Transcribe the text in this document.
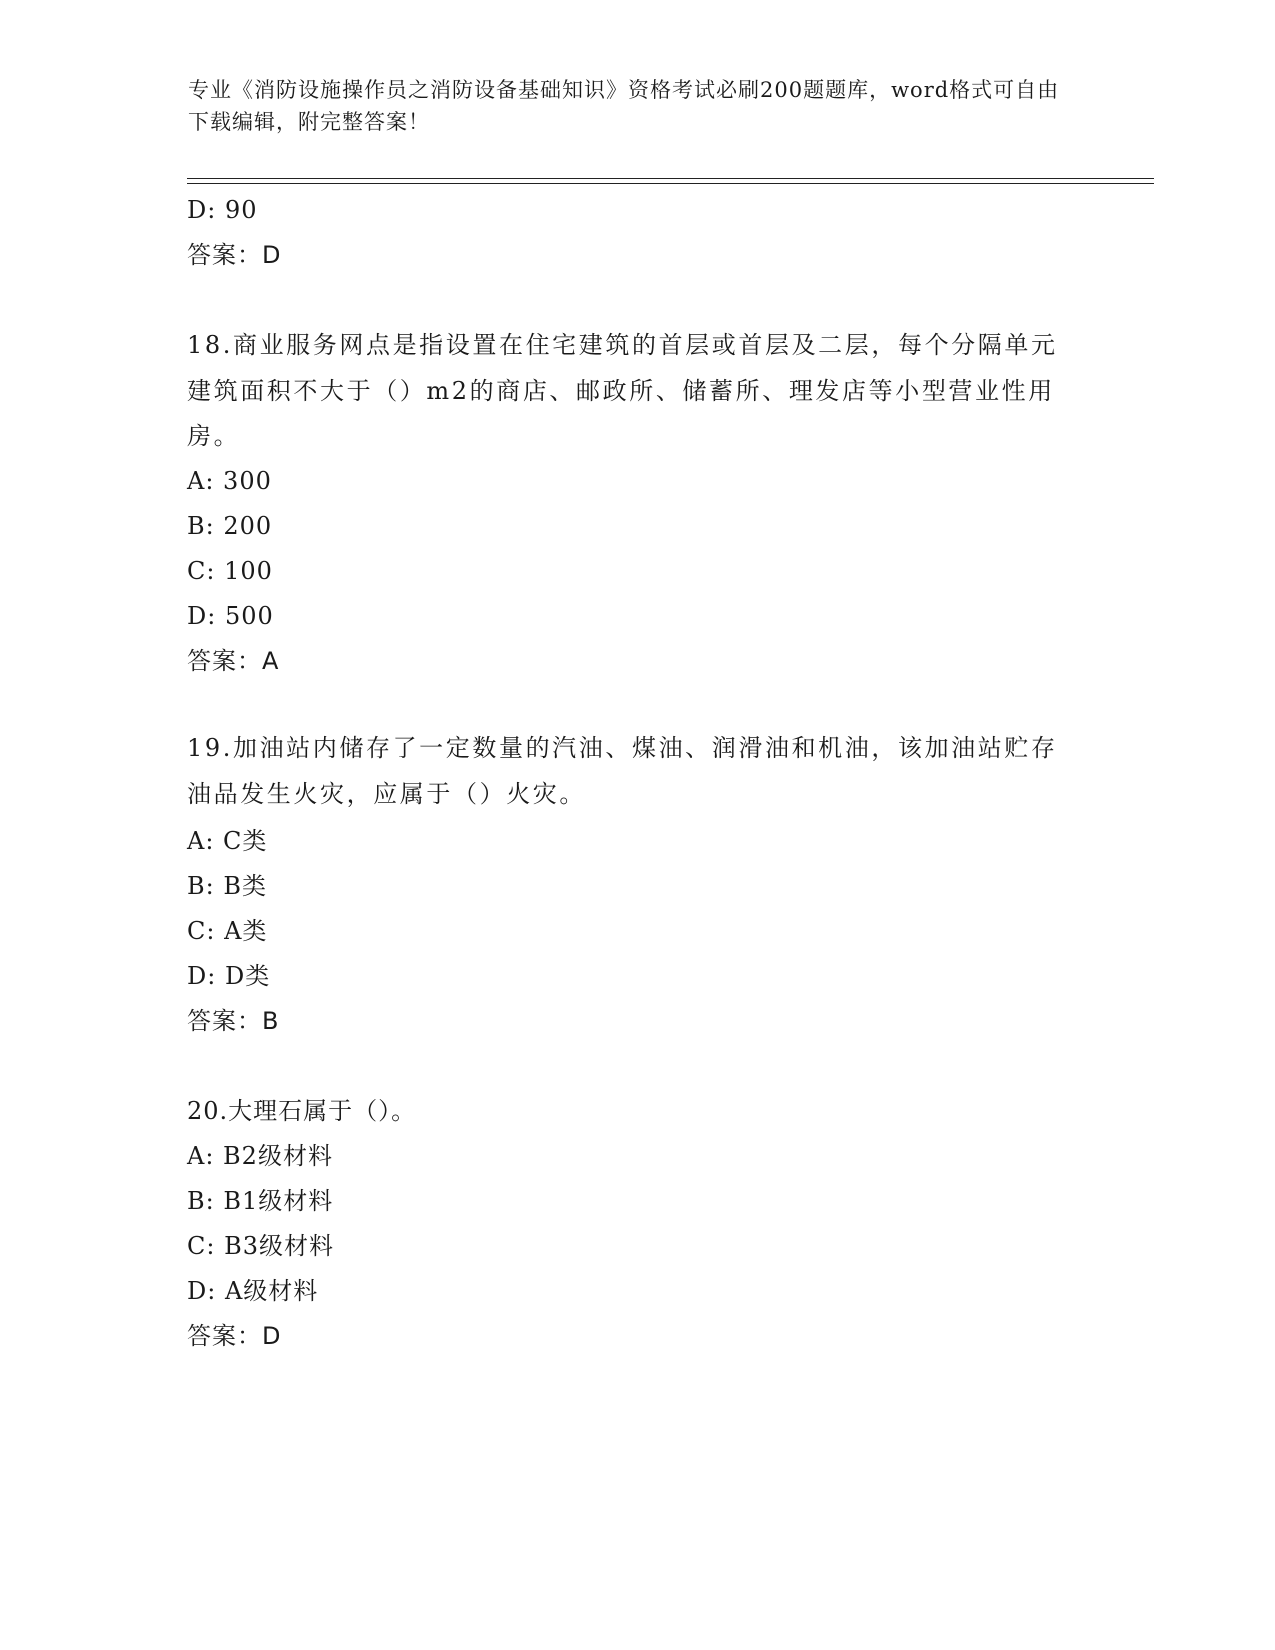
专业《消防设施操作员之消防设备基础知识》资格考试必刷200题题库，word格式可自由下载编辑，附完整答案！
D: 90
答案：D
18.商业服务网点是指设置在住宅建筑的首层或首层及二层，每个分隔单元建筑面积不大于（）m2的商店、邮政所、储蓄所、理发店等小型营业性用房。
A: 300
B: 200
C: 100
D: 500
答案：A
19.加油站内储存了一定数量的汽油、煤油、润滑油和机油，该加油站贮存油品发生火灾，应属于（）火灾。
A: C类
B: B类
C: A类
D: D类
答案：B
20.大理石属于（）。
A: B2级材料
B: B1级材料
C: B3级材料
D: A级材料
答案：D
